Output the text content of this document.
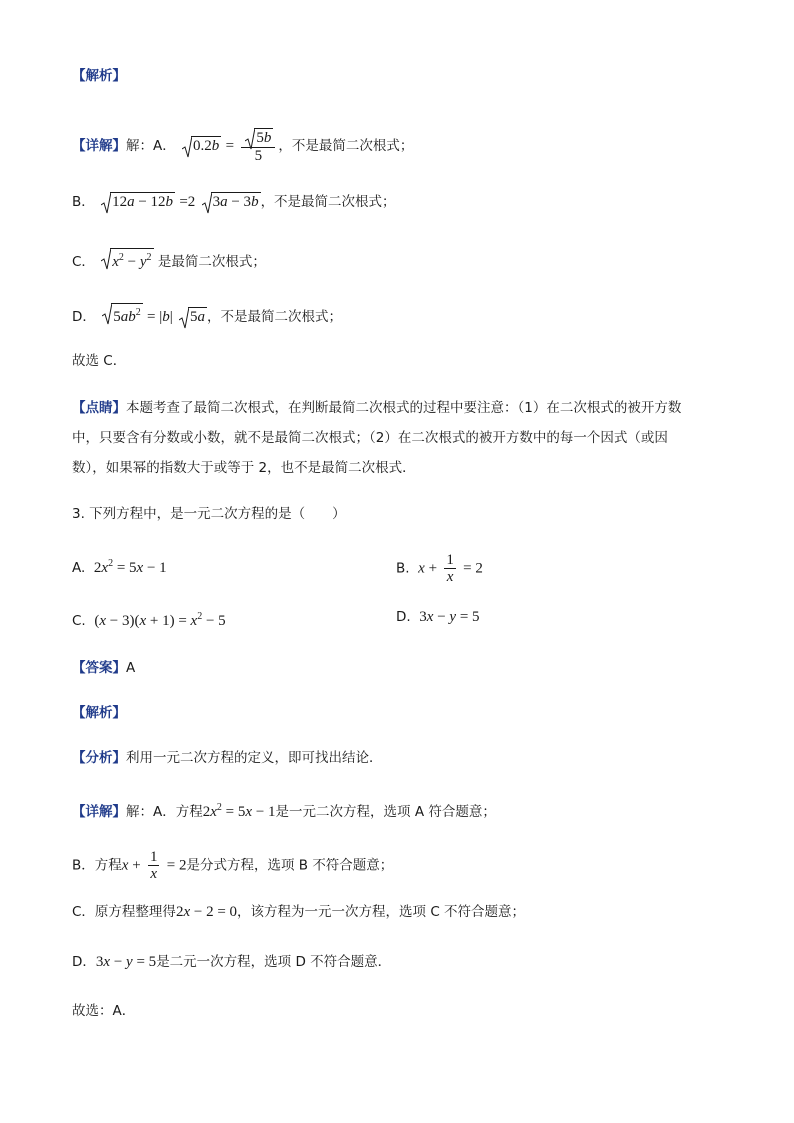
【解析】
【详解】解：A． $0.2b = \frac{5b}{5}$ ，不是最简二次根式；
B． 12a − 12b =2 3a − 3b ，不是最简二次根式；
C． $x^2 - y^2$ 是最简二次根式；
D． $5ab^2 = |b|$ 5a ，不是最简二次根式；
故选 C．
【点睛】本题考查了最简二次根式，在判断最简二次根式的过程中要注意：（1）在二次根式的被开方数
中，只要含有分数或小数，就不是最简二次根式；（2）在二次根式的被开方数中的每一个因式（或因
数），如果幂的指数大于或等于 2，也不是最简二次根式．
3. 下列方程中，是一元二次方程的是（　　）
A. $2x^2 = 5x - 1$	B. $x + \frac{1}{x} = 2$
C. $(x - 3)(x + 1) = x^2 - 5$	D. 3x − y = 5
【答案】A
【解析】
【分析】利用一元二次方程的定义，即可找出结论．
【详解】解：A．方程$2x^2 = 5x - 1$是一元二次方程，选项 A 符合题意；
B．方程$x + \frac{1}{x} = 2$是分式方程，选项 B 不符合题意；
C．原方程整理得2x − 2 = 0，该方程为一元一次方程，选项 C 不符合题意；
D．3x − y = 5是二元一次方程，选项 D 不符合题意．
故选：A．
